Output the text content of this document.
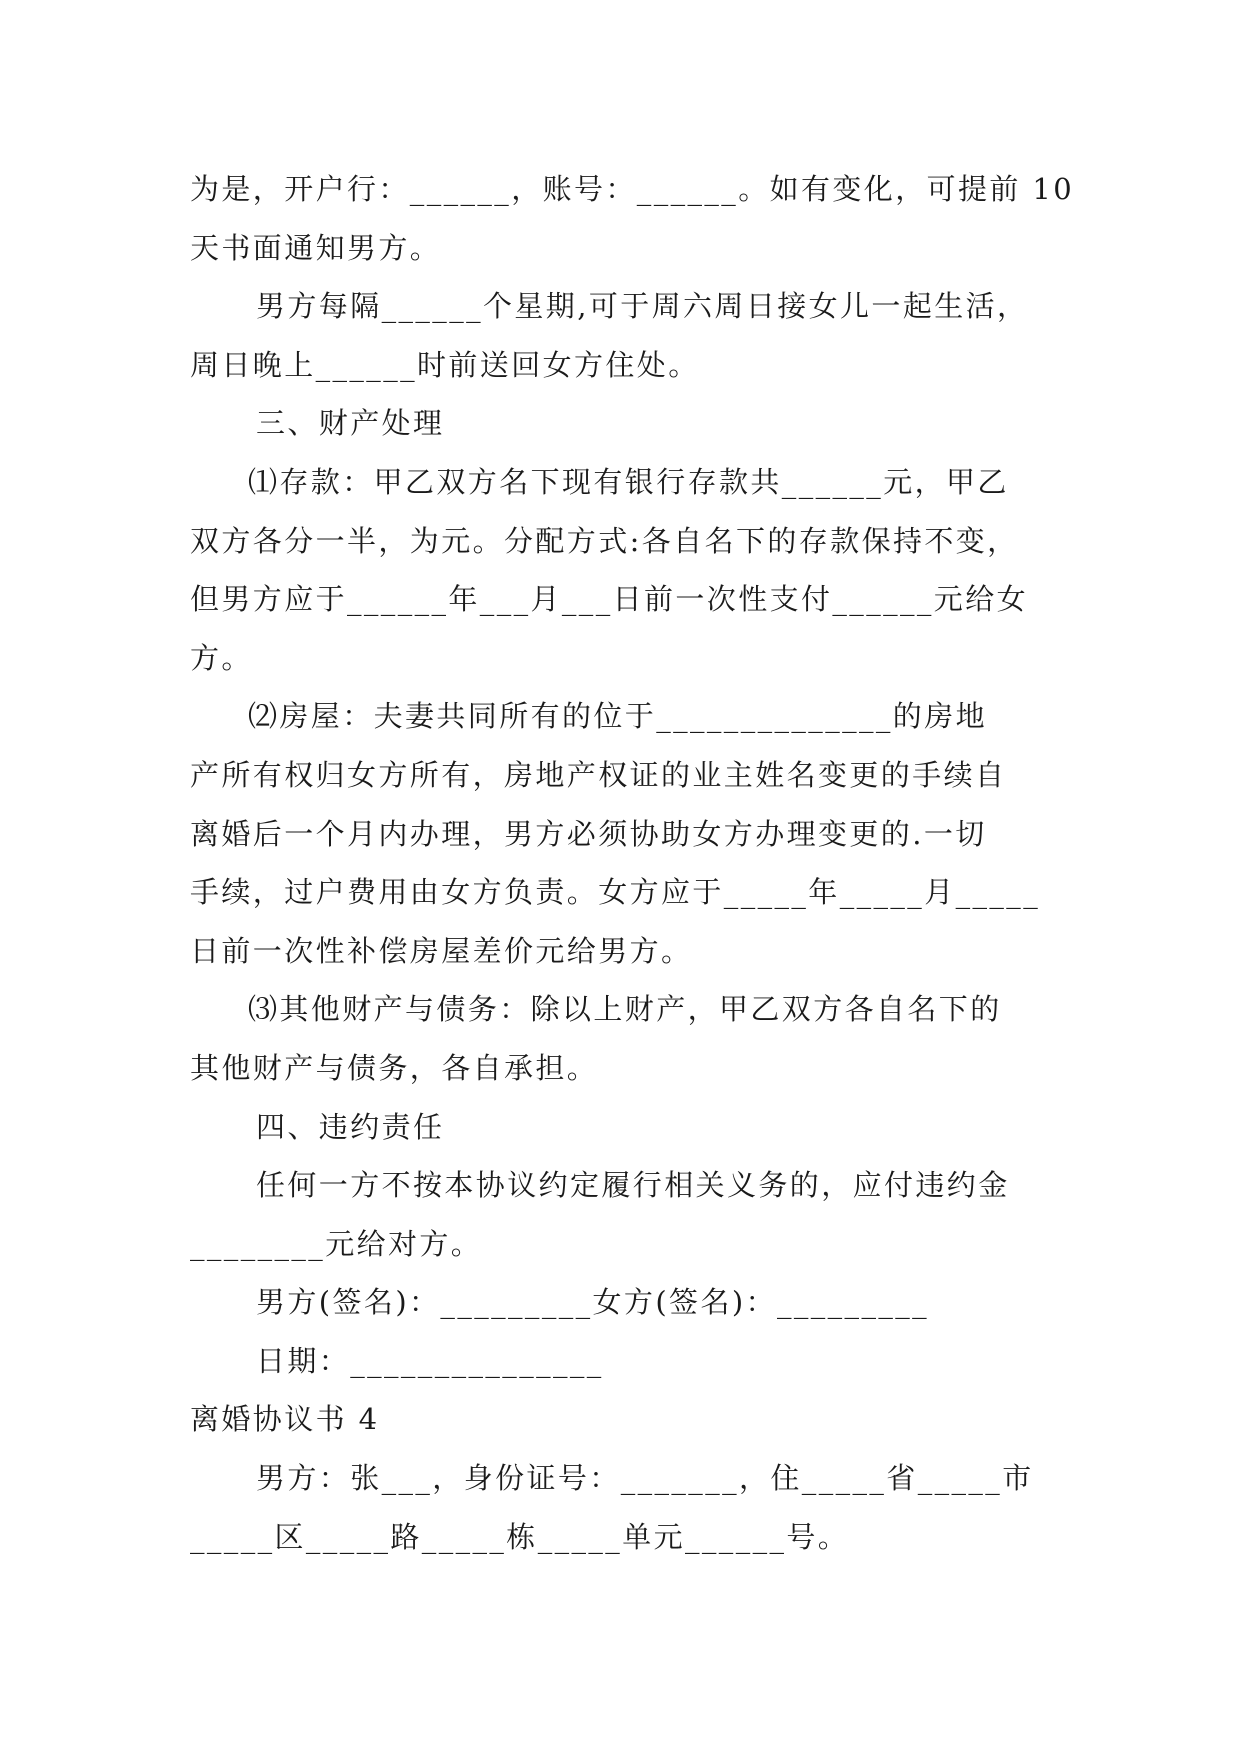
为是，开户行：______，账号：______。如有变化，可提前 10
天书面通知男方。
男方每隔______个星期,可于周六周日接女儿一起生活，
周日晚上______时前送回女方住处。
三、财产处理
⑴存款：甲乙双方名下现有银行存款共______元，甲乙
双方各分一半，为元。分配方式:各自名下的存款保持不变，
但男方应于______年___月___日前一次性支付______元给女
方。
⑵房屋：夫妻共同所有的位于______________的房地
产所有权归女方所有，房地产权证的业主姓名变更的手续自
离婚后一个月内办理，男方必须协助女方办理变更的.一切
手续，过户费用由女方负责。女方应于_____年_____月_____
日前一次性补偿房屋差价元给男方。
⑶其他财产与债务：除以上财产，甲乙双方各自名下的
其他财产与债务，各自承担。
四、违约责任
任何一方不按本协议约定履行相关义务的，应付违约金
________元给对方。
男方(签名)：_________女方(签名)：_________
日期：_______________
离婚协议书 4
男方：张___，身份证号：_______，住_____省_____市
_____区_____路_____栋_____单元______号。
